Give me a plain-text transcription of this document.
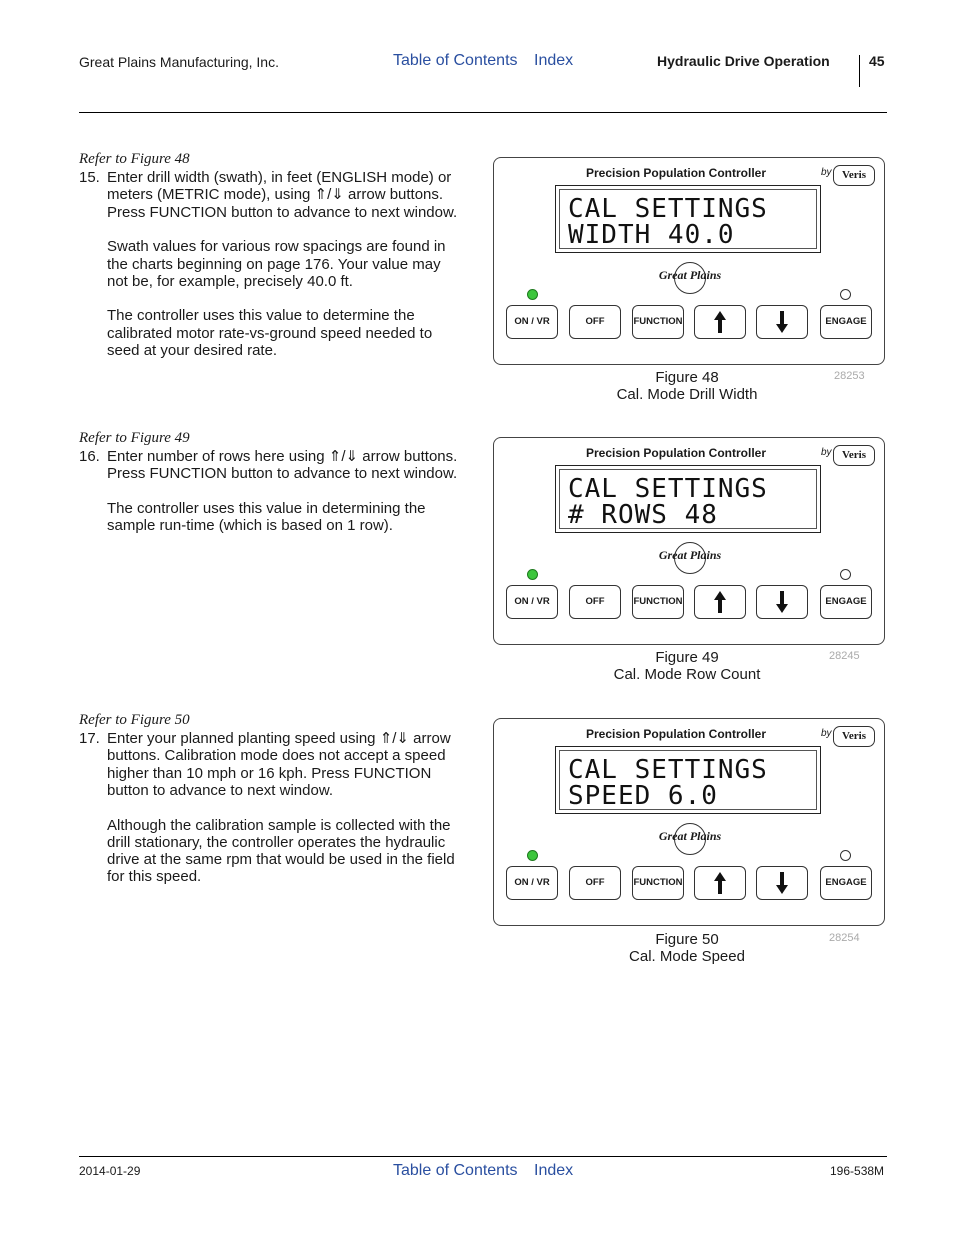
Great Plains Manufacturing, Inc.	Table of Contents Index	Hydraulic Drive Operation	45
Refer to Figure 48
15. Enter drill width (swath), in feet (ENGLISH mode) or
meters (METRIC mode), using ⇑/⇓ arrow buttons.
Press FUNCTION button to advance to next window.
Swath values for various row spacings are found in
the charts beginning on page 176. Your value may
not be, for example, precisely 40.0 ft.
The controller uses this value to determine the
calibrated motor rate-vs-ground speed needed to
seed at your desired rate.
Precision Population Controller	by Veris
CAL SETTINGS
WIDTH 40.0
Great Plains
ON / VR	OFF	FUNCTION	ENGAGE
Figure 48
Cal. Mode Drill Width
28253
Refer to Figure 49
16. Enter number of rows here using ⇑/⇓ arrow buttons.
Press FUNCTION button to advance to next window.
The controller uses this value in determining the
sample run-time (which is based on 1 row).
Precision Population Controller	by Veris
CAL SETTINGS
# ROWS 48
Great Plains
ON / VR	OFF	FUNCTION	ENGAGE
Figure 49
Cal. Mode Row Count
28245
Refer to Figure 50
17. Enter your planned planting speed using ⇑/⇓ arrow
buttons. Calibration mode does not accept a speed
higher than 10 mph or 16 kph. Press FUNCTION
button to advance to next window.
Although the calibration sample is collected with the
drill stationary, the controller operates the hydraulic
drive at the same rpm that would be used in the field
for this speed.
Precision Population Controller	by Veris
CAL SETTINGS
SPEED 6.0
Great Plains
ON / VR	OFF	FUNCTION	ENGAGE
Figure 50
Cal. Mode Speed
28254
2014-01-29	Table of Contents Index	196-538M
